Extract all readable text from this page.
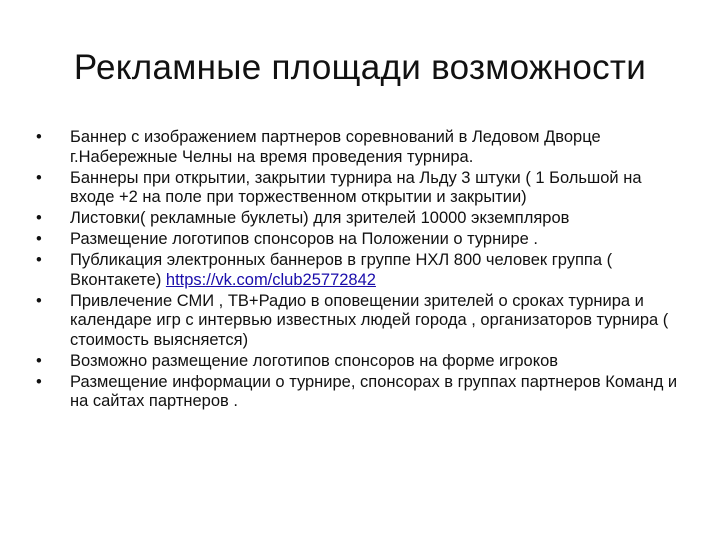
Рекламные площади возможности
•	Баннер с изображением партнеров соревнований в Ледовом Дворце г.Набережные Челны на время проведения турнира.
•	Баннеры при открытии, закрытии турнира на Льду 3 штуки ( 1 Большой на входе +2 на поле при торжественном открытии и закрытии)
•	Листовки( рекламные буклеты) для зрителей 10000 экземпляров
•	Размещение логотипов спонсоров на Положении о турнире .
•	Публикация электронных баннеров в группе НХЛ 800 человек группа ( Вконтакете) https://vk.com/club25772842
•	Привлечение СМИ , ТВ+Радио в оповещении зрителей о сроках турнира и календаре игр с интервью известных людей города , организаторов турнира ( стоимость выясняется)
•	Возможно размещение логотипов спонсоров на форме игроков
•	Размещение информации о турнире, спонсорах в группах партнеров Команд и на сайтах партнеров .
